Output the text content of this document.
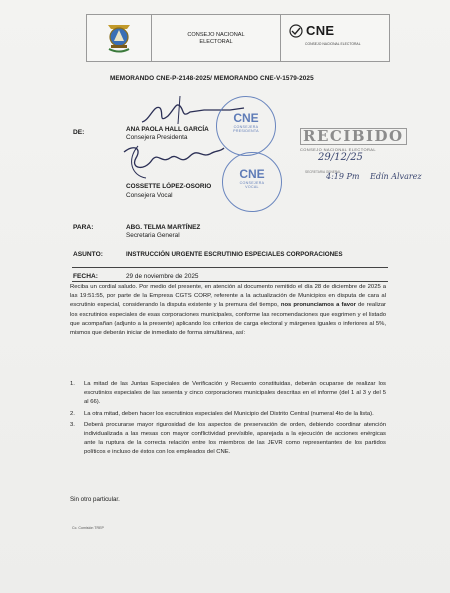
CONSEJO NACIONAL
ELECTORAL
CNE
CONSEJO NACIONAL ELECTORAL
MEMORANDO CNE-P-2148-2025/ MEMORANDO CNE-V-1579-2025
DE:	ANA PAOLA HALL GARCÍA
Consejera Presidenta
COSSETTE LÓPEZ-OSORIO
Consejera Vocal
CNE
CONSEJERA
PRESIDENTA
CNE
CONSEJERA
VOCAL
RECIBIDO
CONSEJO NACIONAL ELECTORAL
29/12/25
SECRETARIA GENERAL
4:19 Pm Edín Alvarez
PARA:	ABG. TELMA MARTÍNEZ
Secretaria General
ASUNTO:	INSTRUCCIÓN URGENTE ESCRUTINIO ESPECIALES CORPORACIONES
FECHA:	29 de noviembre de 2025
Reciba un cordial saludo. Por medio del presente, en atención al documento remitido el día 28 de diciembre de 2025 a las 19:51:55, por parte de la Empresa CGTS CORP, referente a la actualización de Municipios en disputa de cara al escrutinio especial, considerando la disputa existente y la premura del tiempo, nos pronunciamos a favor de realizar los escrutinios especiales de esas corporaciones municipales, conforme las recomendaciones que esgrimen y el listado que acompañan (adjunto a la presente) aplicando los criterios de carga electoral y márgenes iguales o inferiores al 5%, mismos que deberán iniciar de inmediato de forma simultánea, así:
1. La mitad de las Juntas Especiales de Verificación y Recuento constituidas, deberán ocuparse de realizar los escrutinios especiales de las sesenta y cinco corporaciones municipales descritas en el informe (del 1 al 3 y del 5 al 66).
2. La otra mitad, deben hacer los escrutinios especiales del Municipio del Distrito Central (numeral 4to de la lista).
3. Deberá procurarse mayor rigurosidad de los aspectos de preservación de orden, debiendo coordinar atención individualizada a las mesas con mayor conflictividad prevísible, aparejada a la ejecución de acciones enérgicas ante la ruptura de la correcta relación entre los miembros de las JEVR como representantes de los partidos políticos e incluso de éstos con los empleados del CNE.
Sin otro particular.
Cc. Comisión TREP
